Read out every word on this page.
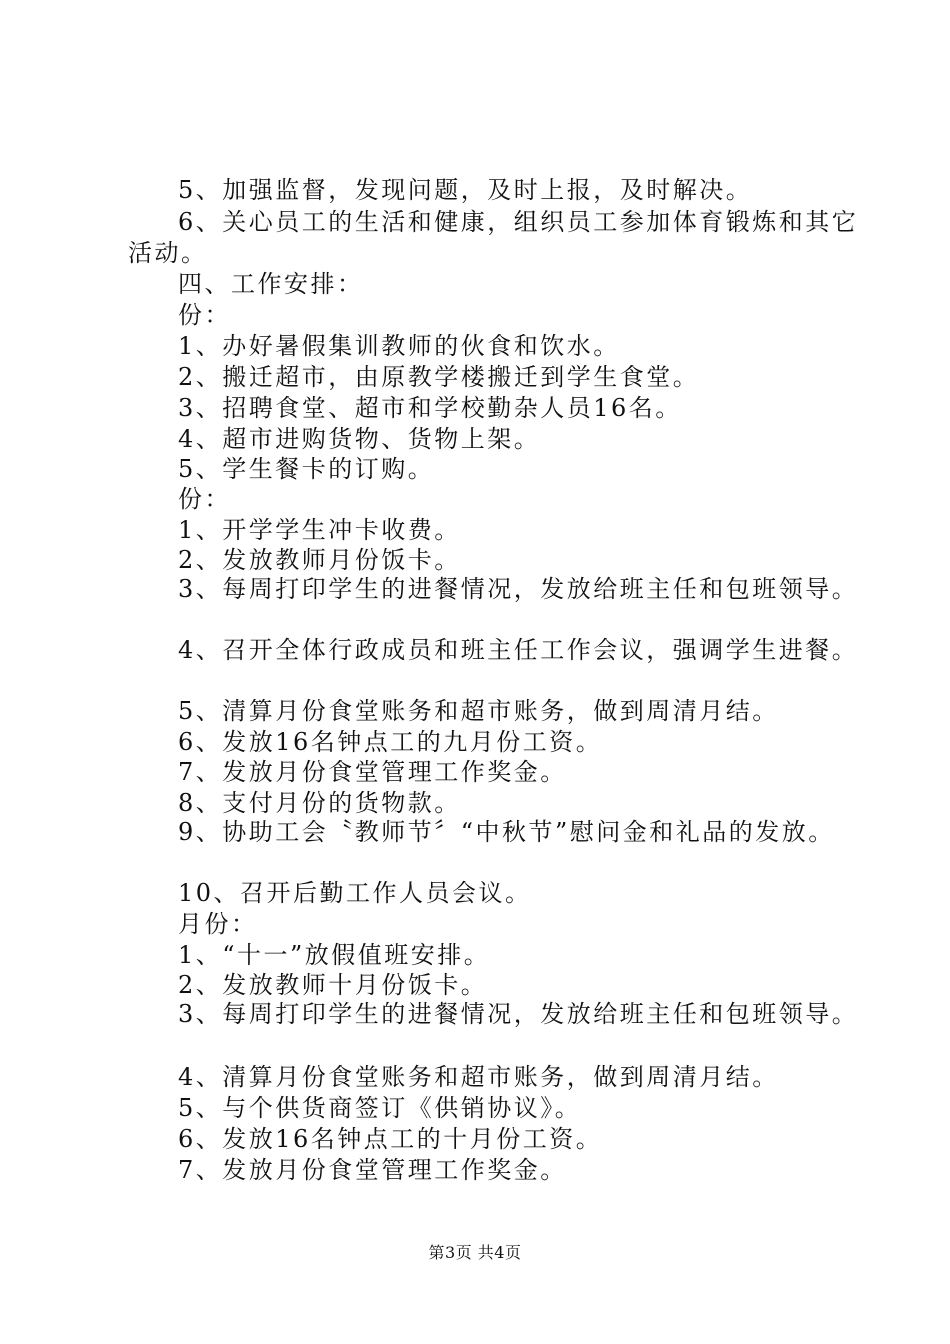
5、加强监督，发现问题，及时上报，及时解决。
6、关心员工的生活和健康，组织员工参加体育锻炼和其它
活动。
四、工作安排：
份：
1、办好暑假集训教师的伙食和饮水。
2、搬迁超市，由原教学楼搬迁到学生食堂。
3、招聘食堂、超市和学校勤杂人员16名。
4、超市进购货物、货物上架。
5、学生餐卡的订购。
份：
1、开学学生冲卡收费。
2、发放教师月份饭卡。
3、每周打印学生的进餐情况，发放给班主任和包班领导。
4、召开全体行政成员和班主任工作会议，强调学生进餐。
5、清算月份食堂账务和超市账务，做到周清月结。
6、发放16名钟点工的九月份工资。
7、发放月份食堂管理工作奖金。
8、支付月份的货物款。
9、协助工会〝教师节〞“中秋节”慰问金和礼品的发放。
10、召开后勤工作人员会议。
月份：
1、“十一”放假值班安排。
2、发放教师十月份饭卡。
3、每周打印学生的进餐情况，发放给班主任和包班领导。
4、清算月份食堂账务和超市账务，做到周清月结。
5、与个供货商签订《供销协议》。
6、发放16名钟点工的十月份工资。
7、发放月份食堂管理工作奖金。
第3页 共4页
